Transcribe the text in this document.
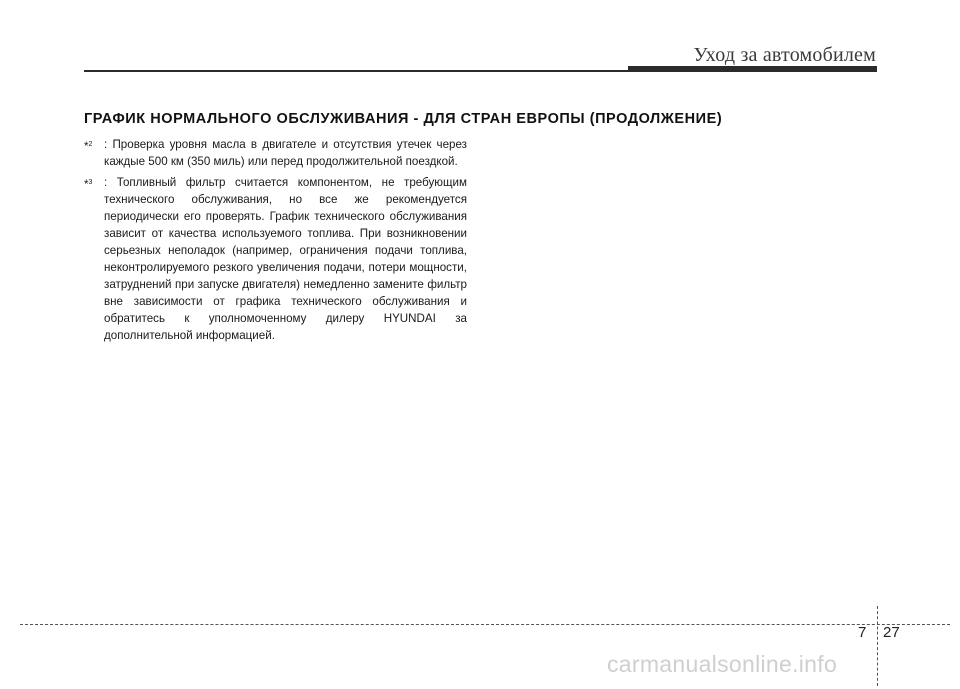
Уход за автомобилем
ГРАФИК НОРМАЛЬНОГО ОБСЛУЖИВАНИЯ - ДЛЯ СТРАН ЕВРОПЫ (ПРОДОЛЖЕНИЕ)
*$^2$ : Проверка уровня масла в двигателе и отсутствия утечек через каждые 500 км (350 миль) или перед продолжительной поездкой.
*$^3$ : Топливный фильтр считается компонентом, не требующим технического обслуживания, но все же рекомендуется периодически его проверять. График технического обслуживания зависит от качества используемого топлива. При возникновении серьезных неполадок (например, ограничения подачи топлива, неконтролируемого резкого увеличения подачи, потери мощности, затруднений при запуске двигателя) немедленно замените фильтр вне зависимости от графика технического обслуживания и обратитесь к уполномоченному дилеру HYUNDAI за дополнительной информацией.
7 27
carmanualsonline.info
